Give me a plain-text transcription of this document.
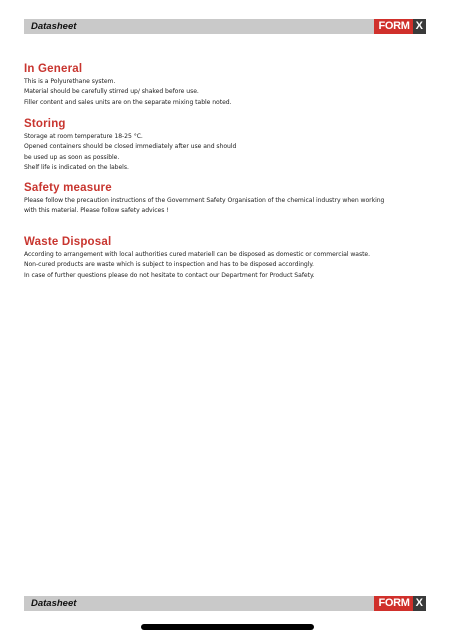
Datasheet	FORM X
In General
This is a Polyurethane system.
Material should be carefully stirred up/ shaked before use.
Filler content and sales units are on the separate mixing table noted.
Storing
Storage at room temperature 18-25 °C.
Opened containers should be closed immediately after use and should
be used up as soon as possible.
Shelf life is indicated on the labels.
Safety measure
Please follow the precaution instructions of the Government Safety Organisation of the chemical industry when working
with this material. Please follow safety advices !
Waste Disposal
According to arrangement with local authorities cured materiell can be disposed as domestic or commercial waste.
Non-cured products are waste which is subject to inspection and has to be disposed accordingly.
In case of further questions please do not hesitate to contact our Department for Product Safety.
Datasheet	FORM X
